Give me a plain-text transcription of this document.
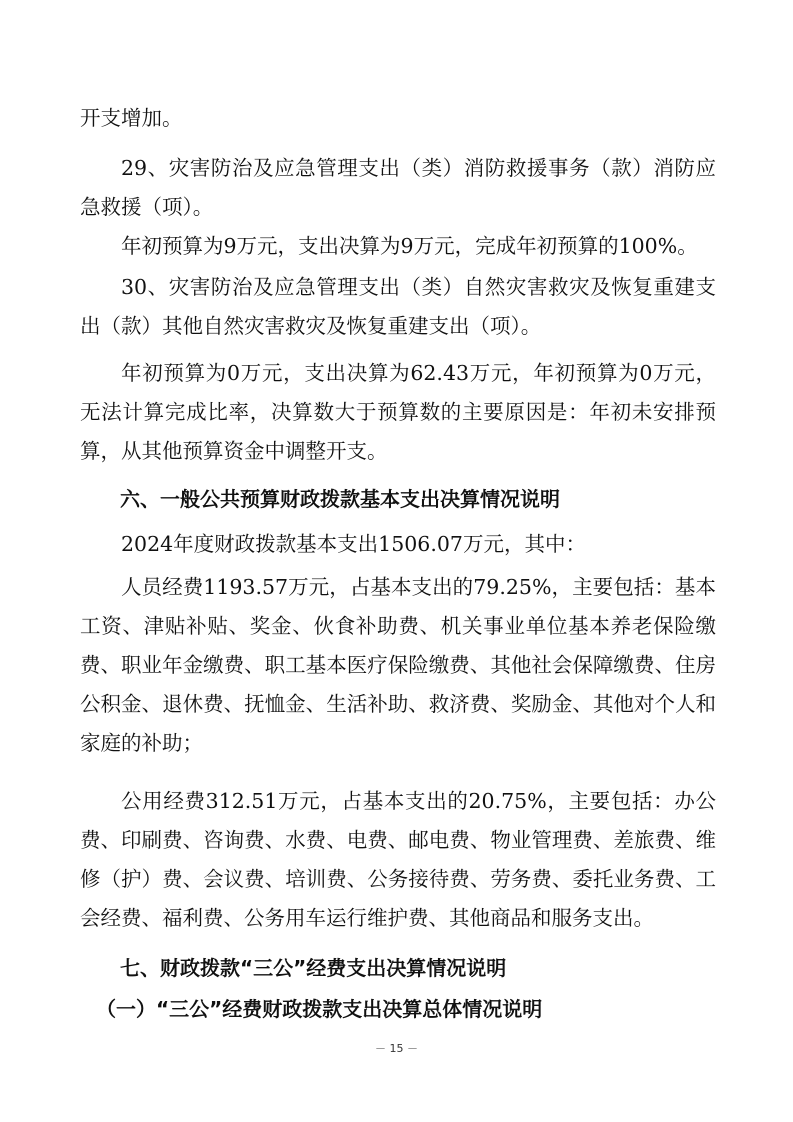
开支增加。

29、灾害防治及应急管理支出（类）消防救援事务（款）消防应急救援（项）。

年初预算为9万元，支出决算为9万元，完成年初预算的100%。

30、灾害防治及应急管理支出（类）自然灾害救灾及恢复重建支出（款）其他自然灾害救灾及恢复重建支出（项）。

年初预算为0万元，支出决算为62.43万元，年初预算为0万元，无法计算完成比率，决算数大于预算数的主要原因是：年初未安排预算，从其他预算资金中调整开支。

六、一般公共预算财政拨款基本支出决算情况说明

2024年度财政拨款基本支出1506.07万元，其中：

人员经费1193.57万元，占基本支出的79.25%，主要包括：基本工资、津贴补贴、奖金、伙食补助费、机关事业单位基本养老保险缴费、职业年金缴费、职工基本医疗保险缴费、其他社会保障缴费、住房公积金、退休费、抚恤金、生活补助、救济费、奖励金、其他对个人和家庭的补助；

公用经费312.51万元，占基本支出的20.75%，主要包括：办公费、印刷费、咨询费、水费、电费、邮电费、物业管理费、差旅费、维修（护）费、会议费、培训费、公务接待费、劳务费、委托业务费、工会经费、福利费、公务用车运行维护费、其他商品和服务支出。

七、财政拨款“三公”经费支出决算情况说明
（一）“三公”经费财政拨款支出决算总体情况说明
－ 15 －
